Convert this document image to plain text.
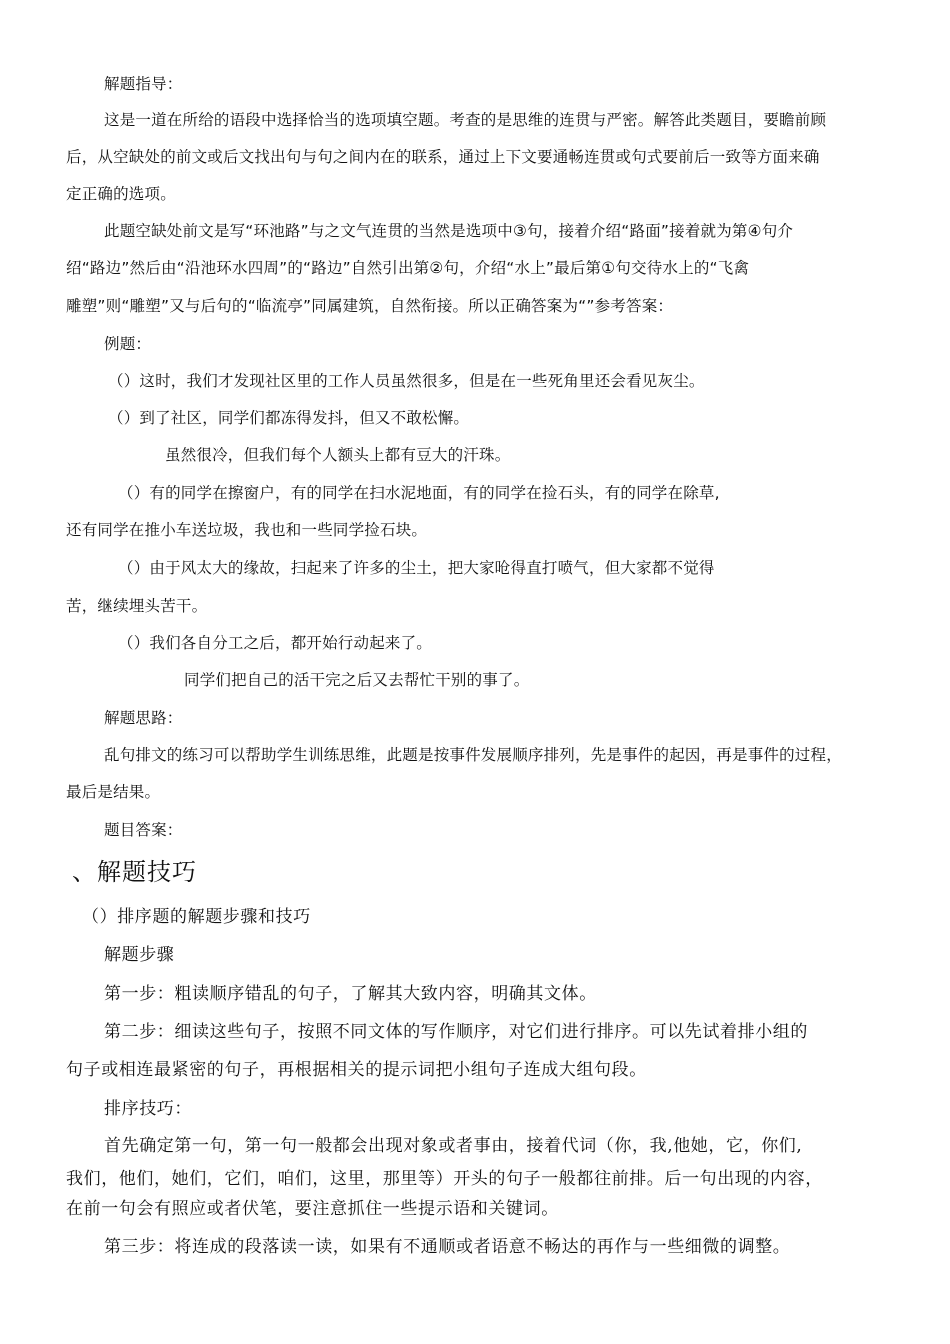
解题指导：
这是一道在所给的语段中选择恰当的选项填空题。考查的是思维的连贯与严密。解答此类题目，要瞻前顾
后，从空缺处的前文或后文找出句与句之间内在的联系，通过上下文要通畅连贯或句式要前后一致等方面来确
定正确的选项。
此题空缺处前文是写“环池路”与之文气连贯的当然是选项中③句，接着介绍“路面”接着就为第④句介
绍“路边”然后由“沿池环水四周”的“路边”自然引出第②句，介绍“水上”最后第①句交待水上的“飞禽
雕塑”则“雕塑”又与后句的“临流亭”同属建筑，自然衔接。所以正确答案为“”参考答案：
例题：
（）这时，我们才发现社区里的工作人员虽然很多，但是在一些死角里还会看见灰尘。
（）到了社区，同学们都冻得发抖，但又不敢松懈。
虽然很冷，但我们每个人额头上都有豆大的汗珠。
（）有的同学在擦窗户，有的同学在扫水泥地面，有的同学在捡石头，有的同学在除草,
还有同学在推小车送垃圾，我也和一些同学捡石块。
（）由于风太大的缘故，扫起来了许多的尘土，把大家呛得直打喷气，但大家都不觉得
苦，继续埋头苦干。
（）我们各自分工之后，都开始行动起来了。
同学们把自己的活干完之后又去帮忙干别的事了。
解题思路：
乱句排文的练习可以帮助学生训练思维，此题是按事件发展顺序排列，先是事件的起因，再是事件的过程，
最后是结果。
题目答案：
、解题技巧
（）排序题的解题步骤和技巧
解题步骤
第一步：粗读顺序错乱的句子，了解其大致内容，明确其文体。
第二步：细读这些句子，按照不同文体的写作顺序，对它们进行排序。可以先试着排小组的
句子或相连最紧密的句子，再根据相关的提示词把小组句子连成大组句段。
排序技巧：
首先确定第一句，第一句一般都会出现对象或者事由，接着代词（你，我,他她，它，你们,
我们，他们，她们，它们，咱们，这里，那里等）开头的句子一般都往前排。后一句出现的内容，
在前一句会有照应或者伏笔，要注意抓住一些提示语和关键词。
第三步：将连成的段落读一读，如果有不通顺或者语意不畅达的再作与一些细微的调整。
